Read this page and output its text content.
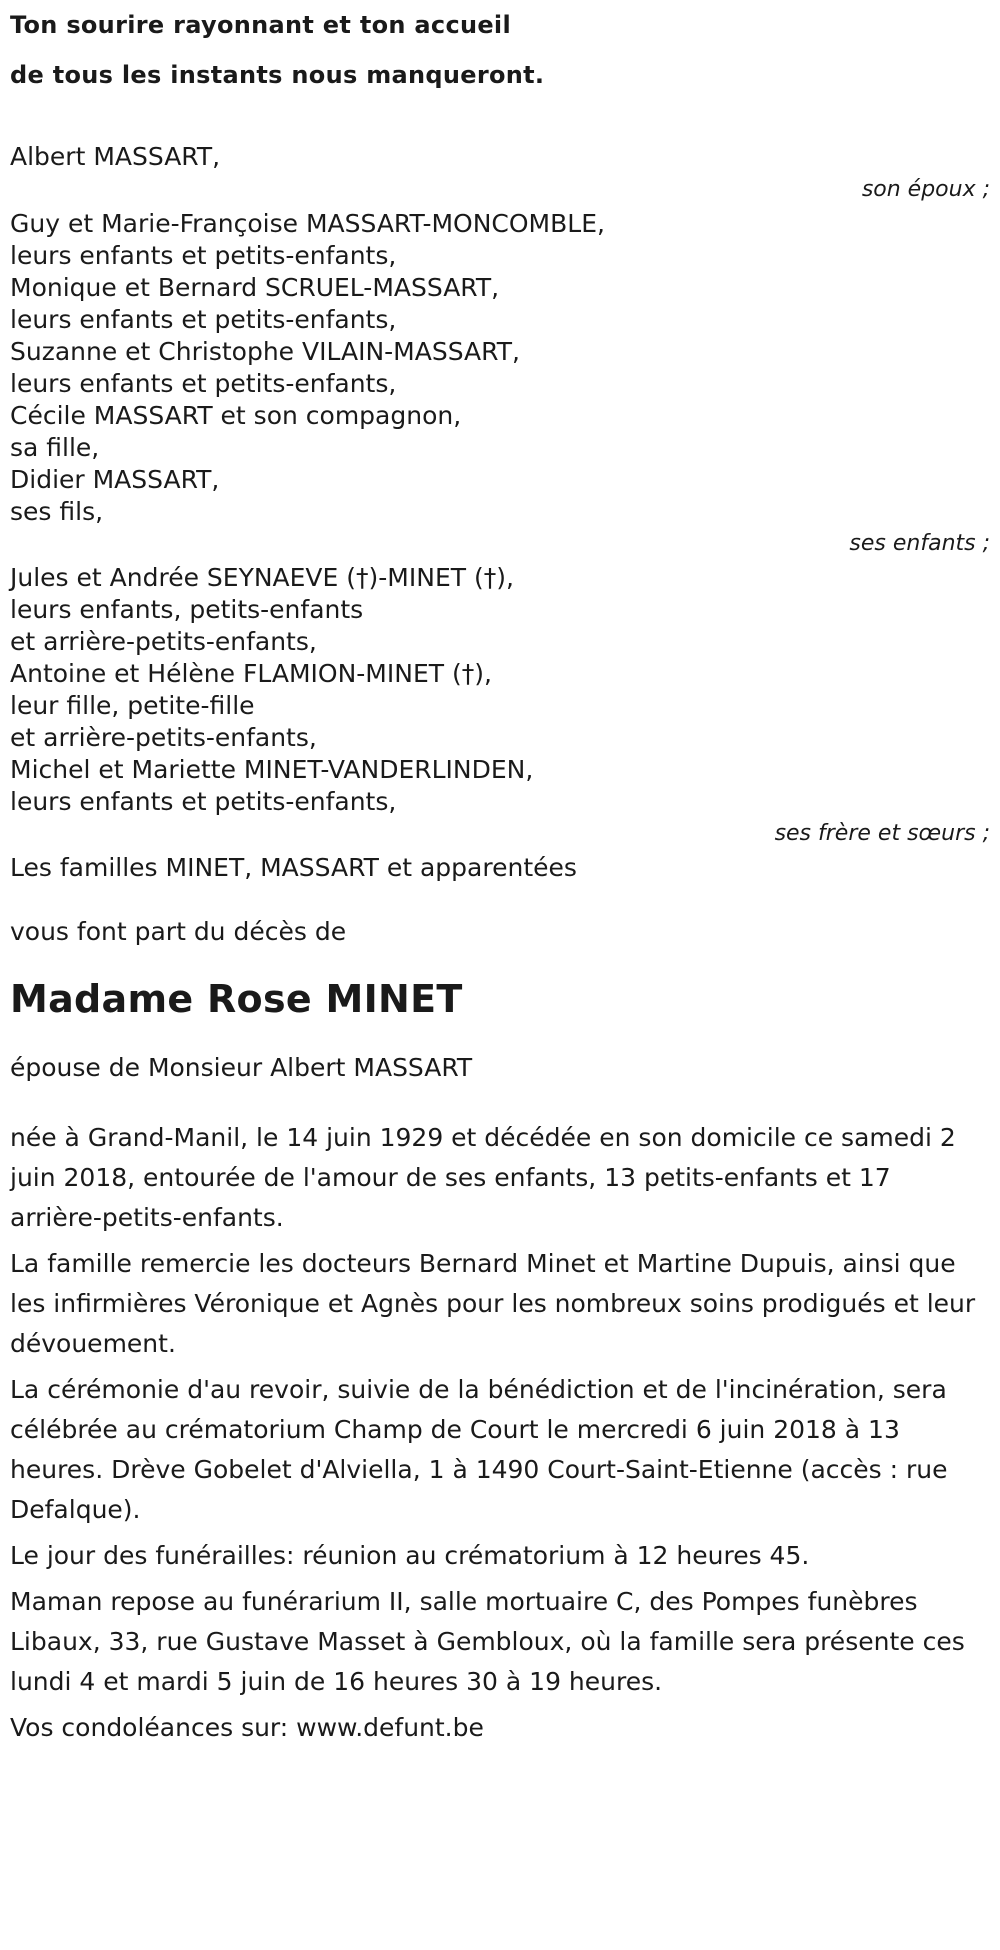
Ton sourire rayonnant et ton accueil

de tous les instants nous manqueront.

Albert MASSART,

son époux ;

Guy et Marie-Françoise MASSART-MONCOMBLE,

leurs enfants et petits-enfants,

Monique et Bernard SCRUEL-MASSART,

leurs enfants et petits-enfants,

Suzanne et Christophe VILAIN-MASSART,

leurs enfants et petits-enfants,

Cécile MASSART et son compagnon,

sa fille,

Didier MASSART,

ses fils,

ses enfants ;

Jules et Andrée SEYNAEVE (†)-MINET (†),

leurs enfants, petits-enfants

et arrière-petits-enfants,

Antoine et Hélène FLAMION-MINET (†),

leur fille, petite-fille

et arrière-petits-enfants,

Michel et Mariette MINET-VANDERLINDEN,

leurs enfants et petits-enfants,

ses frère et sœurs ;

Les familles MINET, MASSART et apparentées

vous font part du décès de

Madame Rose MINET

épouse de Monsieur Albert MASSART

née à Grand-Manil, le 14 juin 1929 et décédée en son domicile ce samedi 2 juin 2018, entourée de l'amour de ses enfants, 13 petits-enfants et 17 arrière-petits-enfants.

La famille remercie les docteurs Bernard Minet et Martine Dupuis, ainsi que les infirmières Véronique et Agnès pour les nombreux soins prodigués et leur dévouement.

La cérémonie d'au revoir, suivie de la bénédiction et de l'incinération, sera célébrée au crématorium Champ de Court le mercredi 6 juin 2018 à 13 heures. Drève Gobelet d'Alviella, 1 à 1490 Court-Saint-Etienne (accès : rue Defalque).

Le jour des funérailles: réunion au crématorium à 12 heures 45.

Maman repose au funérarium II, salle mortuaire C, des Pompes funèbres Libaux, 33, rue Gustave Masset à Gembloux, où la famille sera présente ces lundi 4 et mardi 5 juin de 16 heures 30 à 19 heures.

Vos condoléances sur: www.defunt.be
